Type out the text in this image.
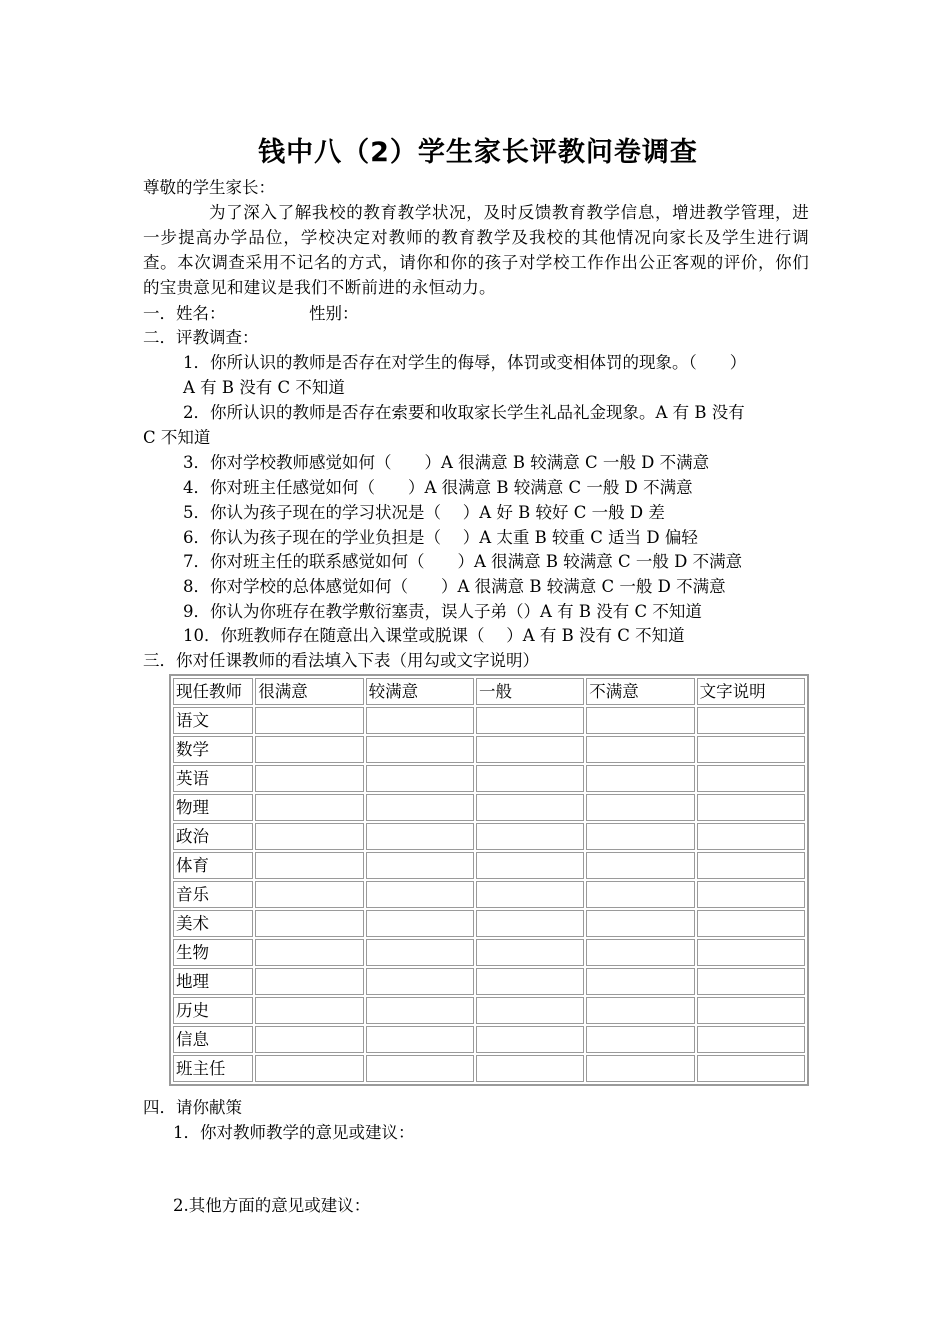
钱中八（2）学生家长评教问卷调查
尊敬的学生家长：
为了深入了解我校的教育教学状况，及时反馈教育教学信息，增进教学管理，进一步提高办学品位，学校决定对教师的教育教学及我校的其他情况向家长及学生进行调查。本次调查采用不记名的方式，请你和你的孩子对学校工作作出公正客观的评价，你们的宝贵意见和建议是我们不断前进的永恒动力。
一．姓名：	性别：
二．评教调查：
1．你所认识的教师是否存在对学生的侮辱，体罚或变相体罚的现象。（　　）
A 有 B 没有 C 不知道
2．你所认识的教师是否存在索要和收取家长学生礼品礼金现象。A 有 B 没有
C 不知道
3．你对学校教师感觉如何（　　）A 很满意 B 较满意 C 一般 D 不满意
4．你对班主任感觉如何（　　）A 很满意 B 较满意 C 一般 D 不满意
5．你认为孩子现在的学习状况是（　 ）A 好 B 较好 C 一般 D 差
6．你认为孩子现在的学业负担是（　 ）A 太重 B 较重 C 适当 D 偏轻
7．你对班主任的联系感觉如何（　　）A 很满意 B 较满意 C 一般 D 不满意
8．你对学校的总体感觉如何（　　）A 很满意 B 较满意 C 一般 D 不满意
9．你认为你班存在教学敷衍塞责，误人子弟（）A 有 B 没有 C 不知道
10．你班教师存在随意出入课堂或脱课（　 ）A 有 B 没有 C 不知道
三．你对任课教师的看法填入下表（用勾或文字说明）
现任教师	很满意	较满意	一般	不满意	文字说明
语文					
数学					
英语					
物理					
政治					
体育					
音乐					
美术					
生物					
地理					
历史					
信息					
班主任					
四．请你献策
1．你对教师教学的意见或建议：
2.其他方面的意见或建议：
